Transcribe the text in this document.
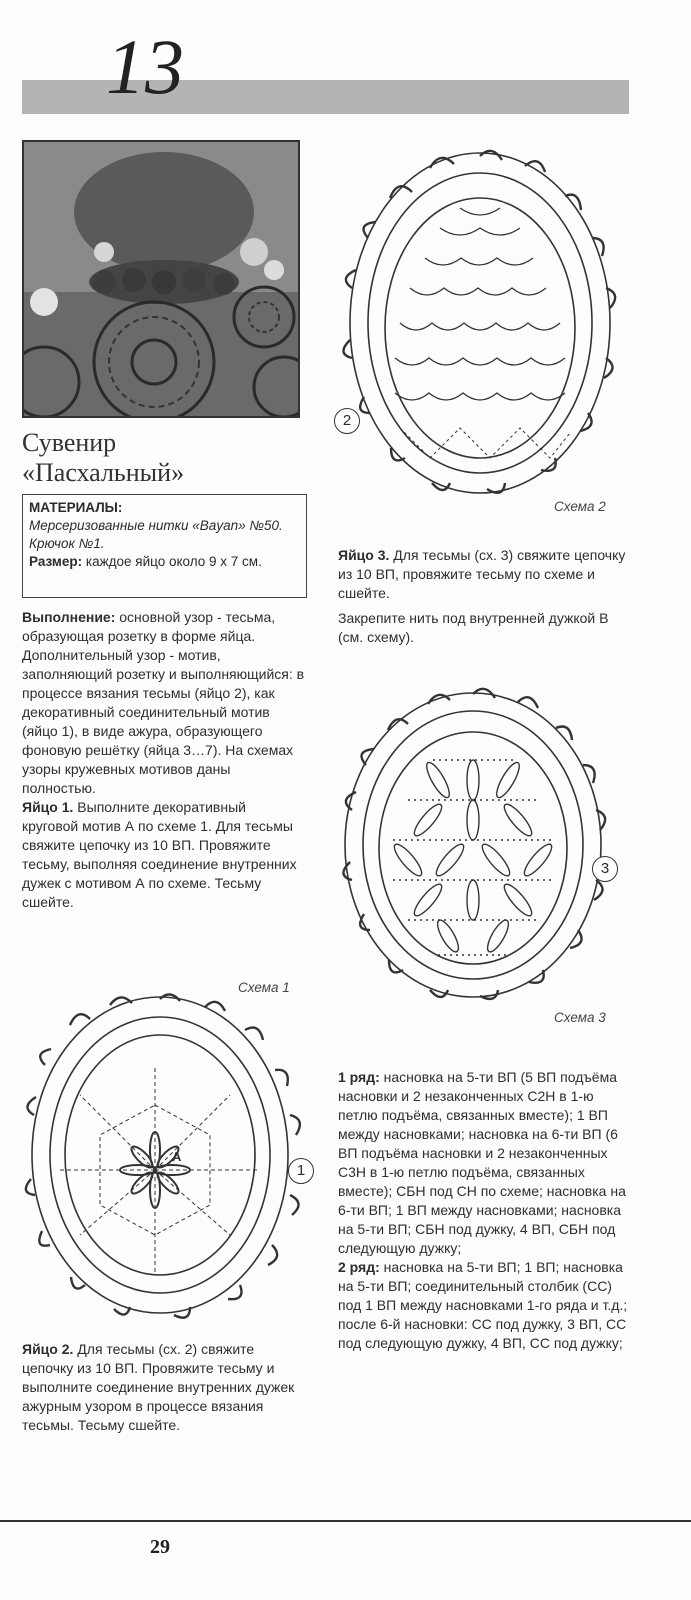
13
Сувенир
«Пасхальный»
МАТЕРИАЛЫ:
Мерсеризованные нитки «Bayan» №50. Крючок №1.
Размер: каждое яйцо около 9 х 7 см.

Выполнение: основной узор - тесьма, образующая розетку в форме яйца. Дополнительный узор - мотив, заполняющий розетку и выполняющийся: в процессе вязания тесьмы (яйцо 2), как декоративный соединительный мотив (яйцо 1), в виде ажура, образующего фоновую решётку (яйца 3…7). На схемах узоры кружевных мотивов даны полностью.

Яйцо 1. Выполните декоративный круговой мотив А по схеме 1. Для тесьмы свяжите цепочку из 10 ВП. Провяжите тесьму, выполняя соединение внутренних дужек с мотивом А по схеме. Тесьму сшейте.

Схема 1
A
1

Яйцо 2. Для тесьмы (сх. 2) свяжите цепочку из 10 ВП. Провяжите тесьму и выполните соединение внутренних дужек ажурным узором в процессе вязания тесьмы. Тесьму сшейте.

2
Схема 2

Яйцо 3. Для тесьмы (сх. 3) свяжите цепочку из 10 ВП, провяжите тесьму по схеме и сшейте.

Закрепите нить под внутренней дужкой В (см. схему).

3
Схема 3

1 ряд: насновка на 5-ти ВП (5 ВП подъёма насновки и 2 незаконченных С2Н в 1-ю петлю подъёма, связанных вместе); 1 ВП между насновками; насновка на 6-ти ВП (6 ВП подъёма насновки и 2 незаконченных С3Н в 1-ю петлю подъёма, связанных вместе); СБН под СН по схеме; насновка на 6-ти ВП; 1 ВП между насновками; насновка на 5-ти ВП; СБН под дужку, 4 ВП, СБН под следующую дужку;

2 ряд: насновка на 5-ти ВП; 1 ВП; насновка на 5-ти ВП; соединительный столбик (СС) под 1 ВП между насновками 1-го ряда и т.д.; после 6-й насновки: СС под дужку, 3 ВП, СС под следующую дужку, 4 ВП, СС под дужку;

29
